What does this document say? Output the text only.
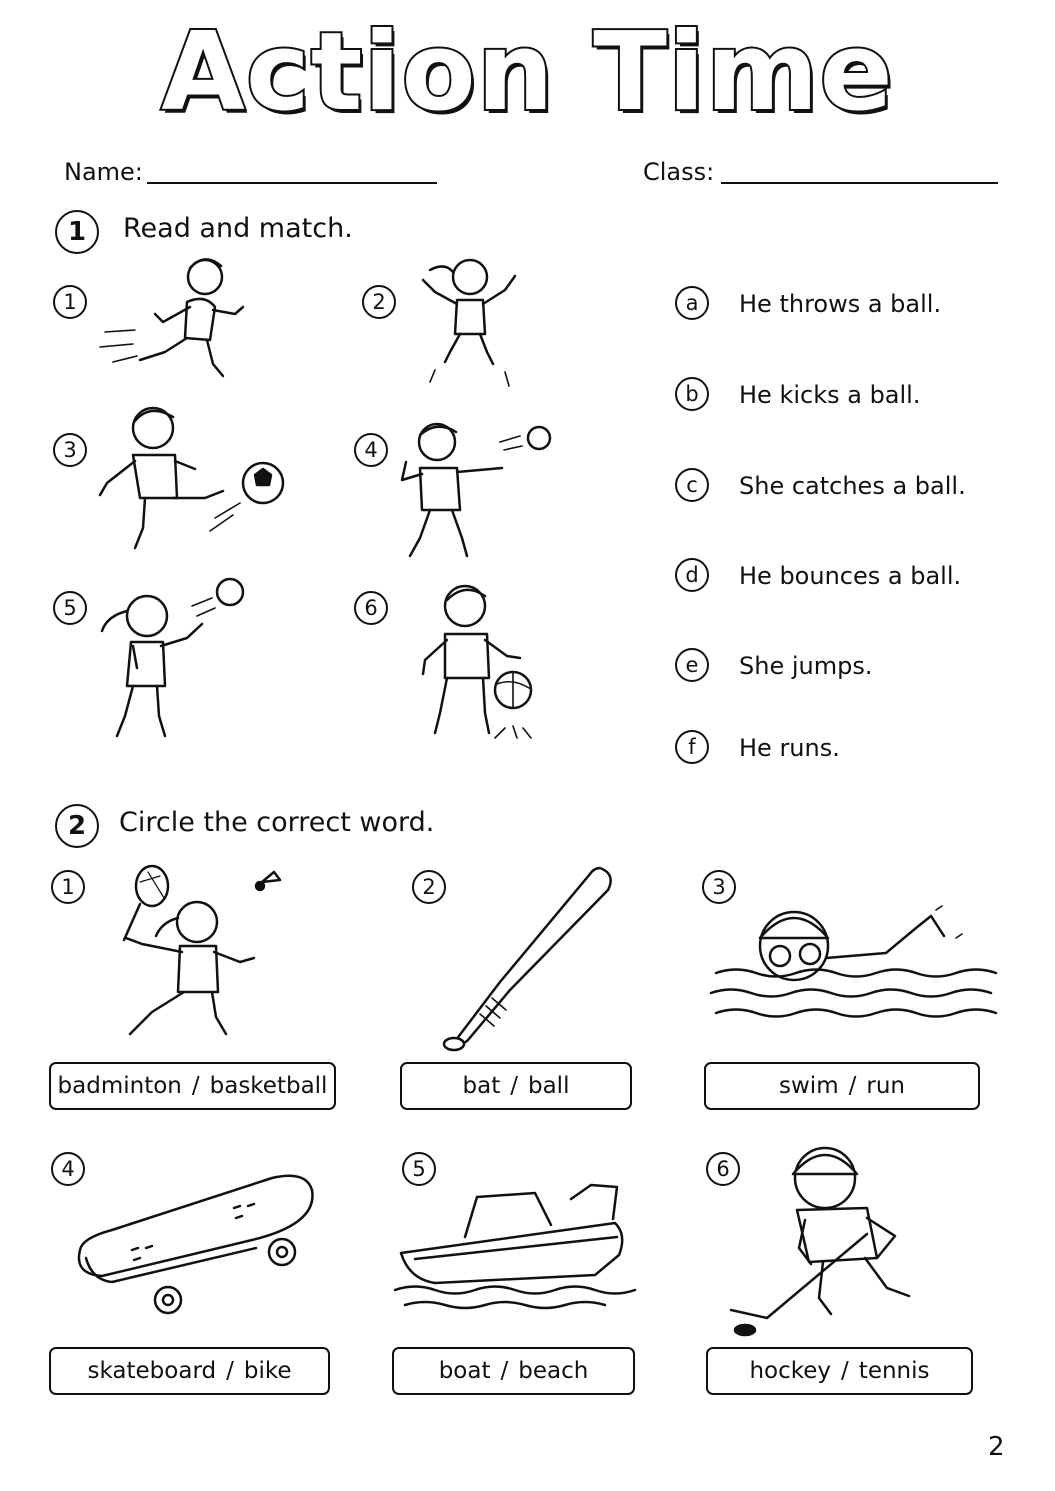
Action Time
Name:	Class:
1	Read and match.
1	2
3	4
5	6
a	He throws a ball.
b	He kicks a ball.
c	She catches a ball.
d	He bounces a ball.
e	She jumps.
f	He runs.
2	Circle the correct word.
1	2	3
4	5	6
badminton / basketball	bat / ball	swim / run
skateboard / bike	boat / beach	hockey / tennis
2
